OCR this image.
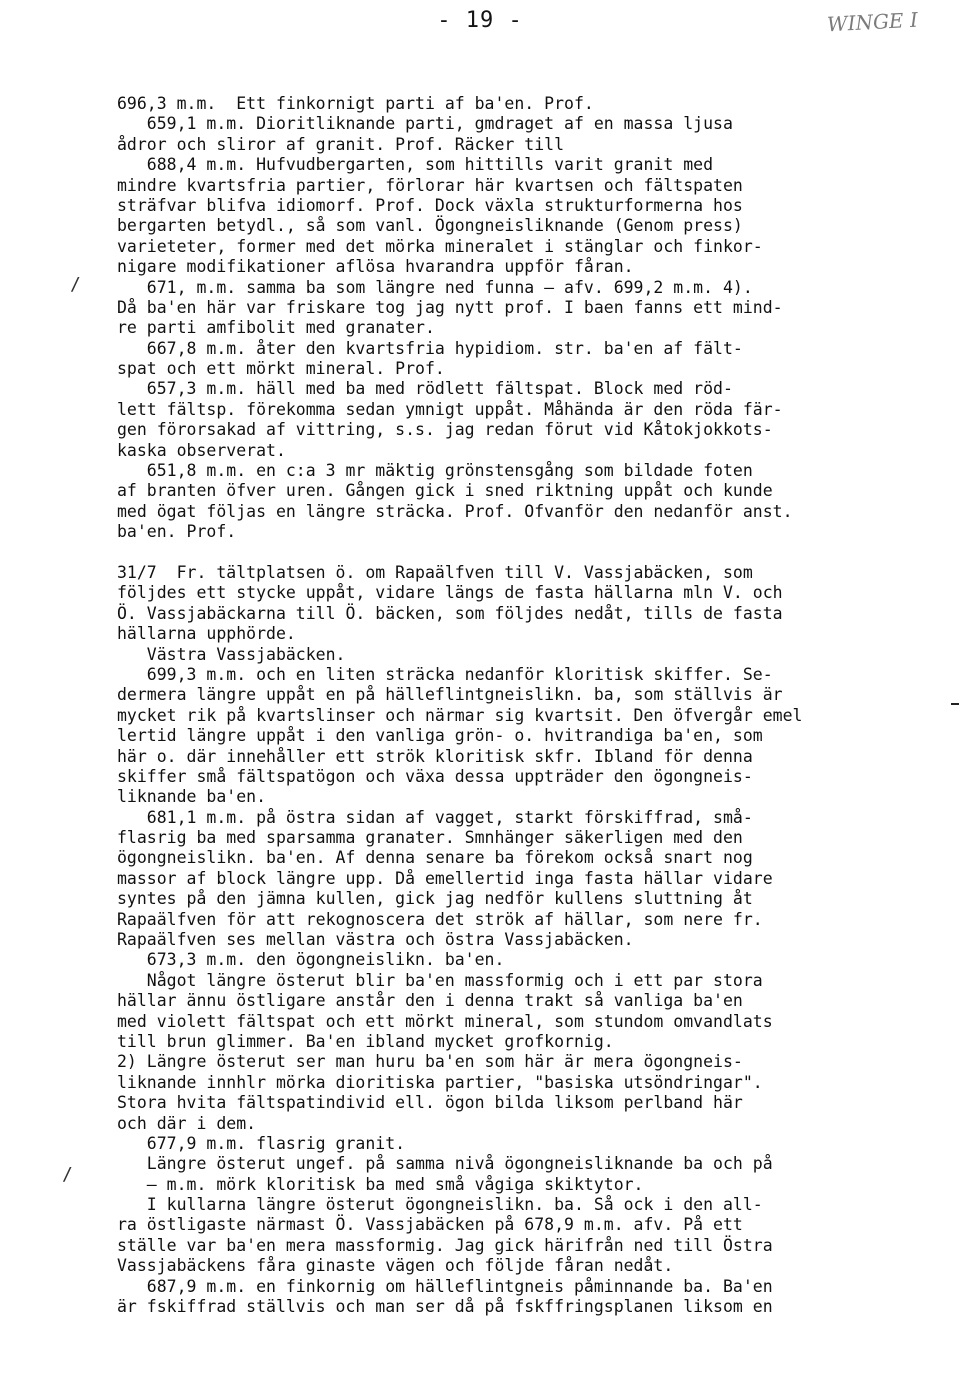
- 19 -	WINGE I
/
/
696,3 m.m.  Ett finkornigt parti af ba'en. Prof.
659,1 m.m. Dioritliknande parti, gmdraget af en massa ljusa
ådror och sliror af granit. Prof. Räcker till
688,4 m.m. Hufvudbergarten, som hittills varit granit med
mindre kvartsfria partier, förlorar här kvartsen och fältspaten
sträfvar blifva idiomorf. Prof. Dock växla strukturformerna hos
bergarten betydl., så som vanl. Ögongneisliknande (Genom press)
varieteter, former med det mörka mineralet i stänglar och finkor-
nigare modifikationer aflösa hvarandra uppför fåran.
671, m.m. samma ba som längre ned funna — afv. 699,2 m.m. 4).
Då ba'en här var friskare tog jag nytt prof. I baen fanns ett mind-
re parti amfibolit med granater.
667,8 m.m. åter den kvartsfria hypidiom. str. ba'en af fält-
spat och ett mörkt mineral. Prof.
657,3 m.m. häll med ba med rödlett fältspat. Block med röd-
lett fältsp. förekomma sedan ymnigt uppåt. Måhända är den röda fär-
gen förorsakad af vittring, s.s. jag redan förut vid Kåtokjokkots-
kaska observerat.
651,8 m.m. en c:a 3 mr mäktig grönstensgång som bildade foten
af branten öfver uren. Gången gick i sned riktning uppåt och kunde
med ögat följas en längre sträcka. Prof. Ofvanför den nedanför anst.
ba'en. Prof.
31/7  Fr. tältplatsen ö. om Rapaälfven till V. Vassjabäcken, som
följdes ett stycke uppåt, vidare längs de fasta hällarna mln V. och
Ö. Vassjabäckarna till Ö. bäcken, som följdes nedåt, tills de fasta
hällarna upphörde.
Västra Vassjabäcken.
699,3 m.m. och en liten sträcka nedanför kloritisk skiffer. Se-
dermera längre uppåt en på hälleflintgneislikn. ba, som ställvis är
mycket rik på kvartslinser och närmar sig kvartsit. Den öfvergår emel
lertid längre uppåt i den vanliga grön- o. hvitrandiga ba'en, som
här o. där innehåller ett strök kloritisk skfr. Ibland för denna
skiffer små fältspatögon och växa dessa uppträder den ögongneis-
liknande ba'en.
681,1 m.m. på östra sidan af vagget, starkt förskiffrad, små-
flasrig ba med sparsamma granater. Smnhänger säkerligen med den
ögongneislikn. ba'en. Af denna senare ba förekom också snart nog
massor af block längre upp. Då emellertid inga fasta hällar vidare
syntes på den jämna kullen, gick jag nedför kullens sluttning åt
Rapaälfven för att rekognoscera det strök af hällar, som nere fr.
Rapaälfven ses mellan västra och östra Vassjabäcken.
673,3 m.m. den ögongneislikn. ba'en.
Något längre österut blir ba'en massformig och i ett par stora
hällar ännu östligare anstår den i denna trakt så vanliga ba'en
med violett fältspat och ett mörkt mineral, som stundom omvandlats
till brun glimmer. Ba'en ibland mycket grofkornig.
2) Längre österut ser man huru ba'en som här är mera ögongneis-
liknande innhlr mörka dioritiska partier, "basiska utsöndringar".
Stora hvita fältspatindivid ell. ögon bilda liksom perlband här
och där i dem.
677,9 m.m. flasrig granit.
Längre österut ungef. på samma nivå ögongneisliknande ba och på
— m.m. mörk kloritisk ba med små vågiga skiktytor.
I kullarna längre österut ögongneislikn. ba. Så ock i den all-
ra östligaste närmast Ö. Vassjabäcken på 678,9 m.m. afv. På ett
ställe var ba'en mera massformig. Jag gick härifrån ned till Östra
Vassjabäckens fåra ginaste vägen och följde fåran nedåt.
687,9 m.m. en finkornig om hälleflintgneis påminnande ba. Ba'en
är fskiffrad ställvis och man ser då på fskffringsplanen liksom en
